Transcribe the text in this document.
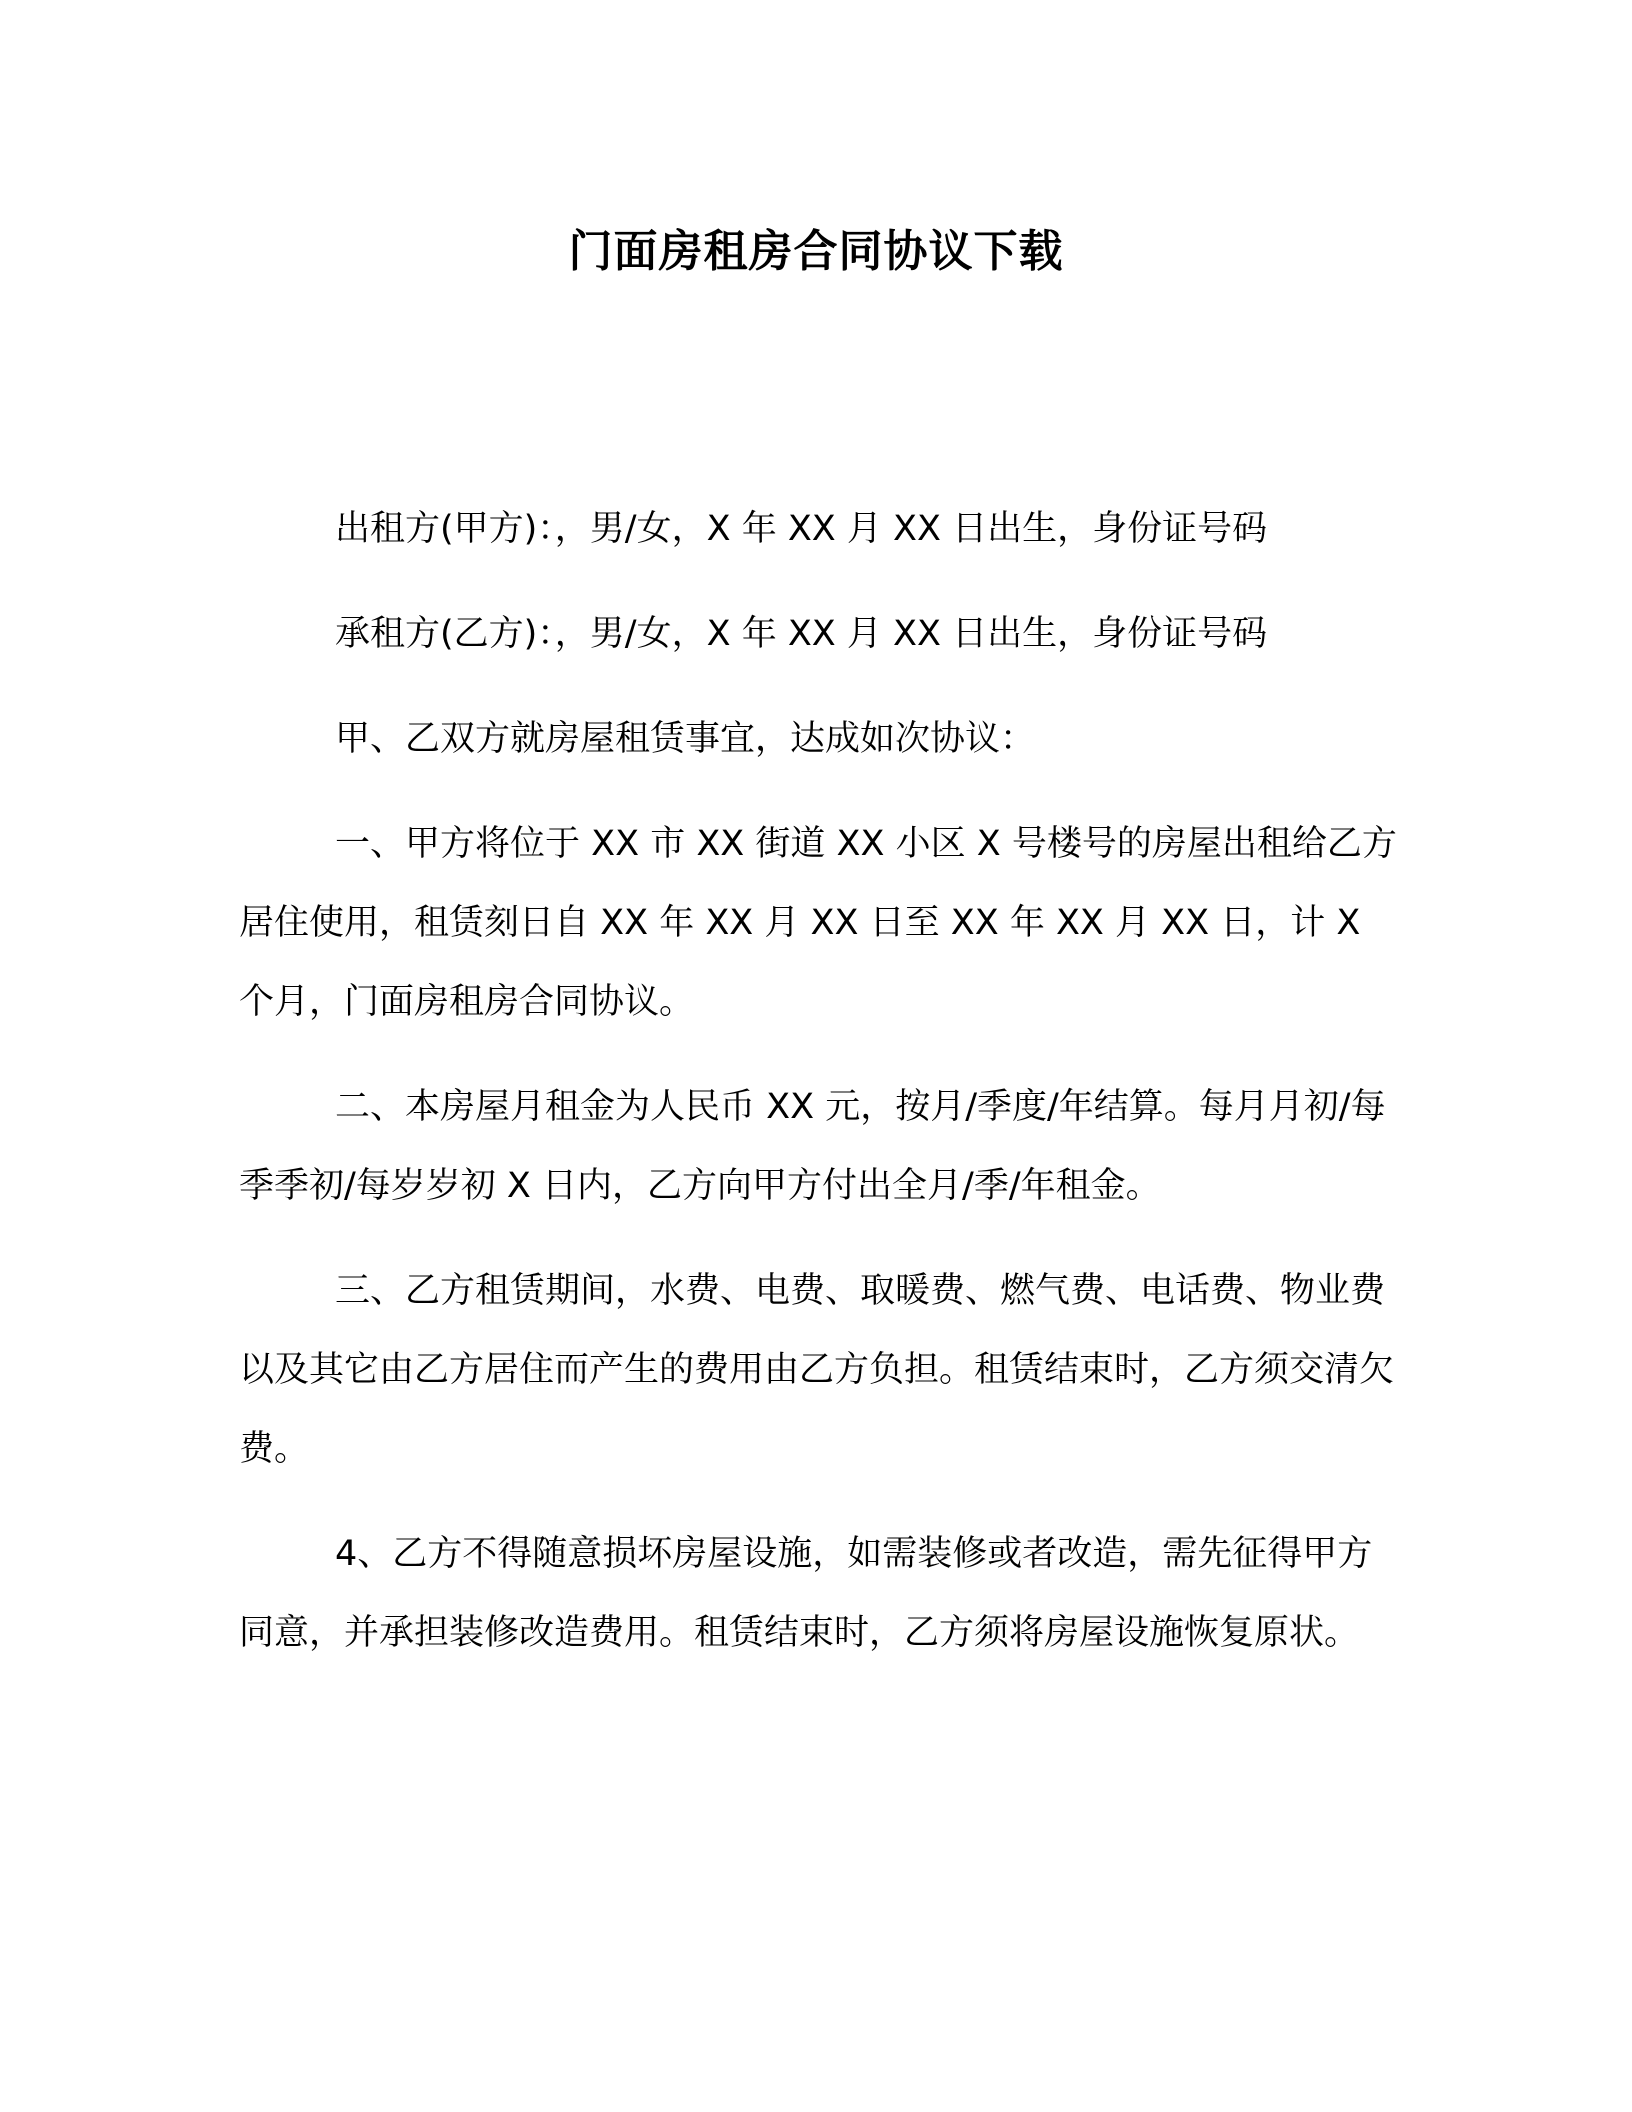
门面房租房合同协议下载

出租方(甲方)：，男/女，X 年 XX 月 XX 日出生，身份证号码

承租方(乙方)：，男/女，X 年 XX 月 XX 日出生，身份证号码

甲、乙双方就房屋租赁事宜，达成如次协议：

一、甲方将位于 XX 市 XX 街道 XX 小区 X 号楼号的房屋出租给乙方居住使用，租赁刻日自 XX 年 XX 月 XX 日至 XX 年 XX 月 XX 日，计 X 个月，门面房租房合同协议。

二、本房屋月租金为人民币 XX 元，按月/季度/年结算。每月月初/每季季初/每岁岁初 X 日内，乙方向甲方付出全月/季/年租金。

三、乙方租赁期间，水费、电费、取暖费、燃气费、电话费、物业费以及其它由乙方居住而产生的费用由乙方负担。租赁结束时，乙方须交清欠费。

4、乙方不得随意损坏房屋设施，如需装修或者改造，需先征得甲方同意，并承担装修改造费用。租赁结束时，乙方须将房屋设施恢复原状。
